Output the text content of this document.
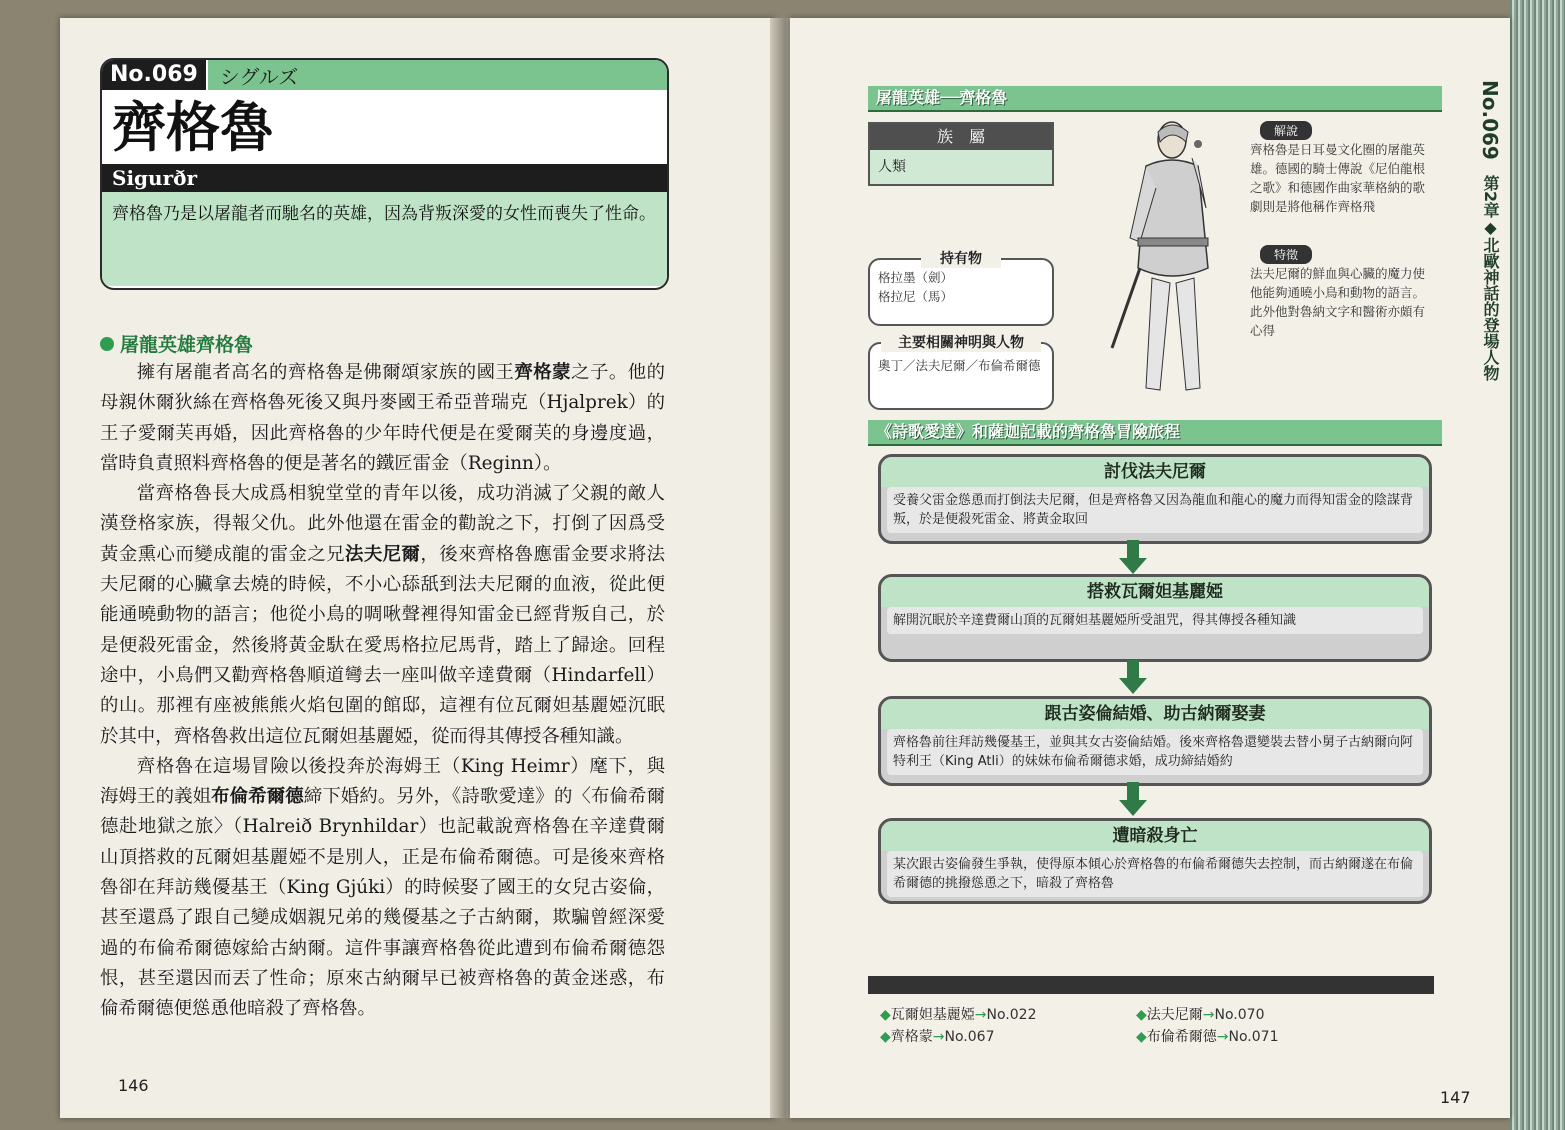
No.069	シグルズ
齊格魯
Sigurðr
齊格魯乃是以屠龍者而馳名的英雄，因為背叛深愛的女性而喪失了性命。
屠龍英雄齊格魯

擁有屠龍者高名的齊格魯是佛爾頌家族的國王齊格蒙之子。他的母親休爾狄絲在齊格魯死後又與丹麥國王希亞普瑞克（Hjalprek）的王子愛爾芙再婚，因此齊格魯的少年時代便是在愛爾芙的身邊度過，當時負責照料齊格魯的便是著名的鐵匠雷金（Reginn）。

當齊格魯長大成爲相貌堂堂的青年以後，成功消滅了父親的敵人漢登格家族，得報父仇。此外他還在雷金的勸說之下，打倒了因爲受黃金熏心而變成龍的雷金之兄法夫尼爾，後來齊格魯應雷金要求將法夫尼爾的心臟拿去燒的時候，不小心舔舐到法夫尼爾的血液，從此便能通曉動物的語言；他從小鳥的啁啾聲裡得知雷金已經背叛自己，於是便殺死雷金，然後將黃金馱在愛馬格拉尼馬背，踏上了歸途。回程途中，小鳥們又勸齊格魯順道彎去一座叫做辛達費爾（Hindarfell）的山。那裡有座被熊熊火焰包圍的館邸，這裡有位瓦爾妲基麗婭沉眠於其中，齊格魯救出這位瓦爾妲基麗婭，從而得其傳授各種知識。

齊格魯在這場冒險以後投奔於海姆王（King Heimr）麾下，與海姆王的義姐布倫希爾德締下婚約。另外，《詩歌愛達》的〈布倫希爾德赴地獄之旅〉（Halreið Brynhildar）也記載說齊格魯在辛達費爾山頂搭救的瓦爾妲基麗婭不是別人，正是布倫希爾德。可是後來齊格魯卻在拜訪幾優基王（King Gjúki）的時候娶了國王的女兒古姿倫，甚至還爲了跟自己變成姻親兄弟的幾優基之子古納爾，欺騙曾經深愛過的布倫希爾德嫁給古納爾。這件事讓齊格魯從此遭到布倫希爾德怨恨，甚至還因而丟了性命；原來古納爾早已被齊格魯的黃金迷惑，布倫希爾德便慫恿他暗殺了齊格魯。

146
屠龍英雄──齊格魯
族　屬
人類
持有物
格拉墨（劍）
格拉尼（馬）
主要相關神明與人物
奧丁／法夫尼爾／布倫希爾德
解說
齊格魯是日耳曼文化圈的屠龍英雄。德國的騎士傳說《尼伯龍根之歌》和德國作曲家華格納的歌劇則是將他稱作齊格飛
特徵
法夫尼爾的鮮血與心臟的魔力使他能夠通曉小鳥和動物的語言。此外他對魯納文字和醫術亦頗有心得
《詩歌愛達》和薩迦記載的齊格魯冒險旅程
討伐法夫尼爾
受養父雷金慫恿而打倒法夫尼爾，但是齊格魯又因為龍血和龍心的魔力而得知雷金的陰謀背叛，於是便殺死雷金、將黃金取回
搭救瓦爾妲基麗婭
解開沉眠於辛達費爾山頂的瓦爾妲基麗婭所受詛咒，得其傳授各種知識
跟古姿倫結婚、助古納爾娶妻
齊格魯前往拜訪幾優基王，並與其女古姿倫結婚。後來齊格魯還變裝去替小舅子古納爾向阿特利王（King Atli）的妹妹布倫希爾德求婚，成功締結婚約
遭暗殺身亡
某次跟古姿倫發生爭執，使得原本傾心於齊格魯的布倫希爾德失去控制，而古納爾遂在布倫希爾德的挑撥慫恿之下，暗殺了齊格魯
◆瓦爾妲基麗婭→No.022
◆齊格蒙→No.067
◆法夫尼爾→No.070
◆布倫希爾德→No.071
No.069 第2章◆北歐神話的登場人物
147
